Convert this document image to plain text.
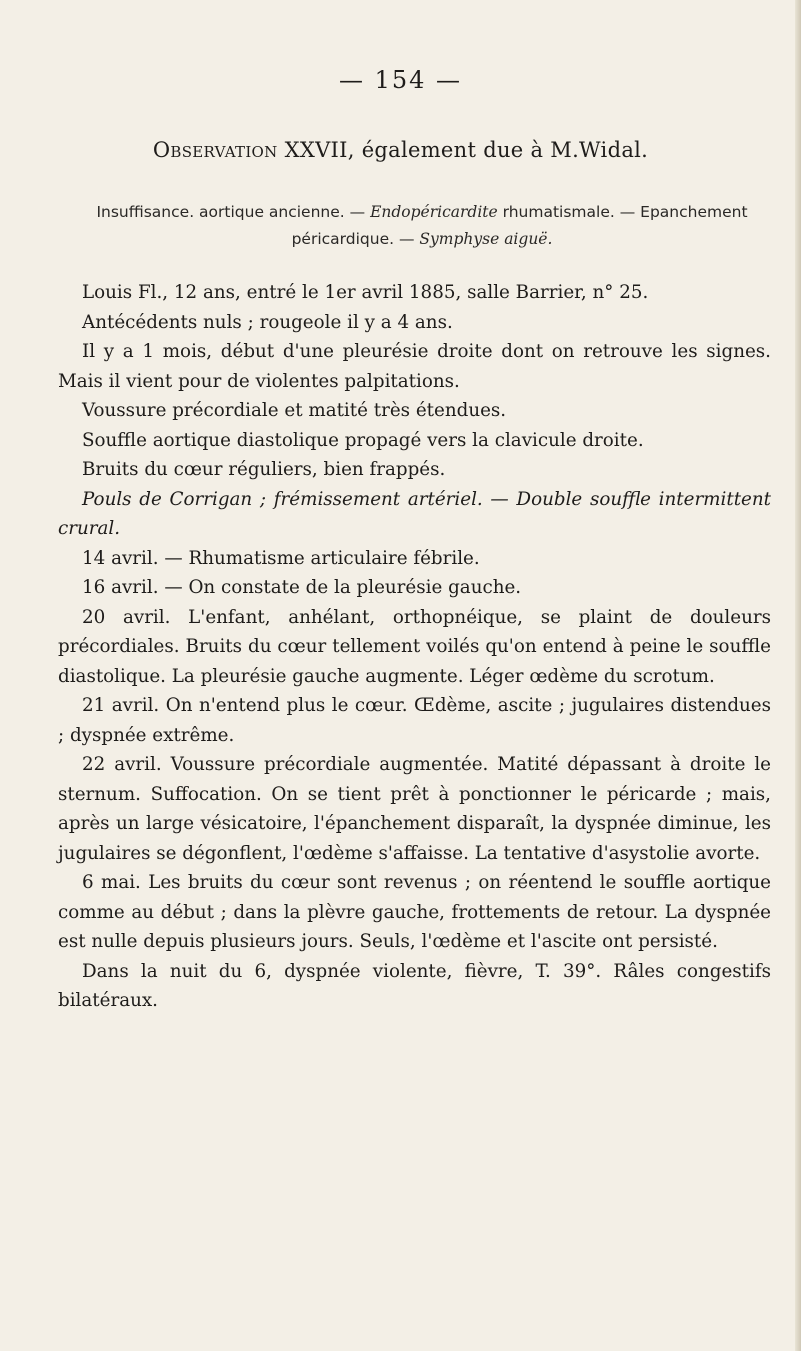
— 154 —
Observation XXVII, également due à M.Widal.
Insuffisance. aortique ancienne. — Endopéricardite rhumatismale. — Epanchement péricardique. — Symphyse aiguë.

Louis Fl., 12 ans, entré le 1er avril 1885, salle Barrier, n° 25.

Antécédents nuls ; rougeole il y a 4 ans.

Il y a 1 mois, début d'une pleurésie droite dont on retrouve les signes. Mais il vient pour de violentes palpitations.

Voussure précordiale et matité très étendues.

Souffle aortique diastolique propagé vers la clavicule droite.

Bruits du cœur réguliers, bien frappés.

Pouls de Corrigan ; frémissement artériel. — Double souffle intermittent crural.

14 avril. — Rhumatisme articulaire fébrile.

16 avril. — On constate de la pleurésie gauche.

20 avril. L'enfant, anhélant, orthopnéique, se plaint de douleurs précordiales. Bruits du cœur tellement voilés qu'on entend à peine le souffle diastolique. La pleurésie gauche augmente. Léger œdème du scrotum.

21 avril. On n'entend plus le cœur. Œdème, ascite ; jugulaires distendues ; dyspnée extrême.

22 avril. Voussure précordiale augmentée. Matité dépassant à droite le sternum. Suffocation. On se tient prêt à ponctionner le péricarde ; mais, après un large vésicatoire, l'épanchement disparaît, la dyspnée diminue, les jugulaires se dégonflent, l'œdème s'affaisse. La tentative d'asystolie avorte.

6 mai. Les bruits du cœur sont revenus ; on réentend le souffle aortique comme au début ; dans la plèvre gauche, frottements de retour. La dyspnée est nulle depuis plusieurs jours. Seuls, l'œdème et l'ascite ont persisté.

Dans la nuit du 6, dyspnée violente, fièvre, T. 39°. Râles congestifs bilatéraux.
